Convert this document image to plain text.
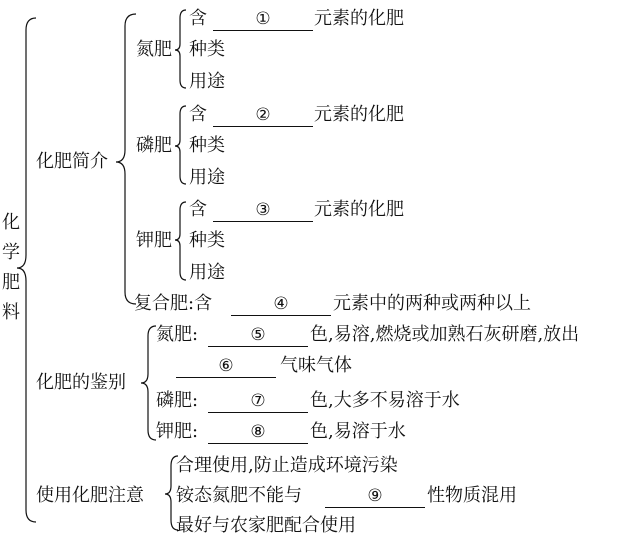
化
学
肥
料
化肥简介
氮肥
含	①	元素的化肥
种类
用途
磷肥
含	②	元素的化肥
种类
用途
钾肥
含	③	元素的化肥
种类
用途
复合肥:含	④	元素中的两种或两种以上
化肥的鉴别
氮肥:	⑤	色,易溶,燃烧或加熟石灰研磨,放出
⑥	气味气体
磷肥:	⑦	色,大多不易溶于水
钾肥:	⑧	色,易溶于水
使用化肥注意
合理使用,防止造成环境污染
铵态氮肥不能与	⑨	性物质混用
最好与农家肥配合使用
